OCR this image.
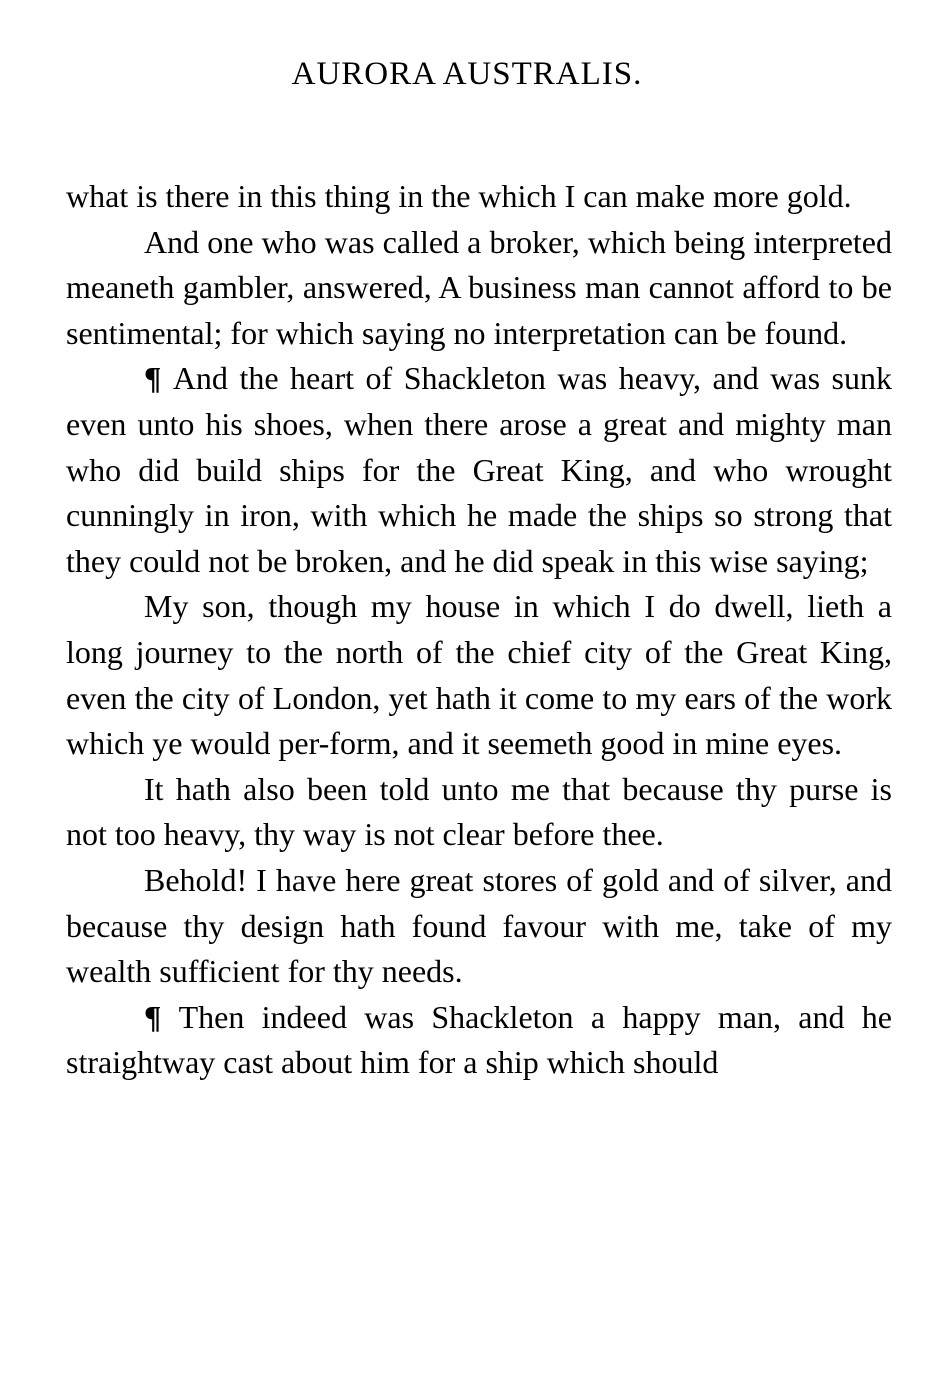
AURORA AUSTRALIS.

what is there in this thing in the which I can make more gold.

And one who was called a broker, which being interpreted meaneth gambler, answered, A business man cannot afford to be sentimental; for which saying no interpretation can be found.

¶ And the heart of Shackleton was heavy, and was sunk even unto his shoes, when there arose a great and mighty man who did build ships for the Great King, and who wrought cunningly in iron, with which he made the ships so strong that they could not be broken, and he did speak in this wise saying;

My son, though my house in which I do dwell, lieth a long journey to the north of the chief city of the Great King, even the city of London, yet hath it come to my ears of the work which ye would per-form, and it seemeth good in mine eyes.

It hath also been told unto me that because thy purse is not too heavy, thy way is not clear before thee.

Behold! I have here great stores of gold and of silver, and because thy design hath found favour with me, take of my wealth sufficient for thy needs.

¶ Then indeed was Shackleton a happy man, and he straightway cast about him for a ship which should
